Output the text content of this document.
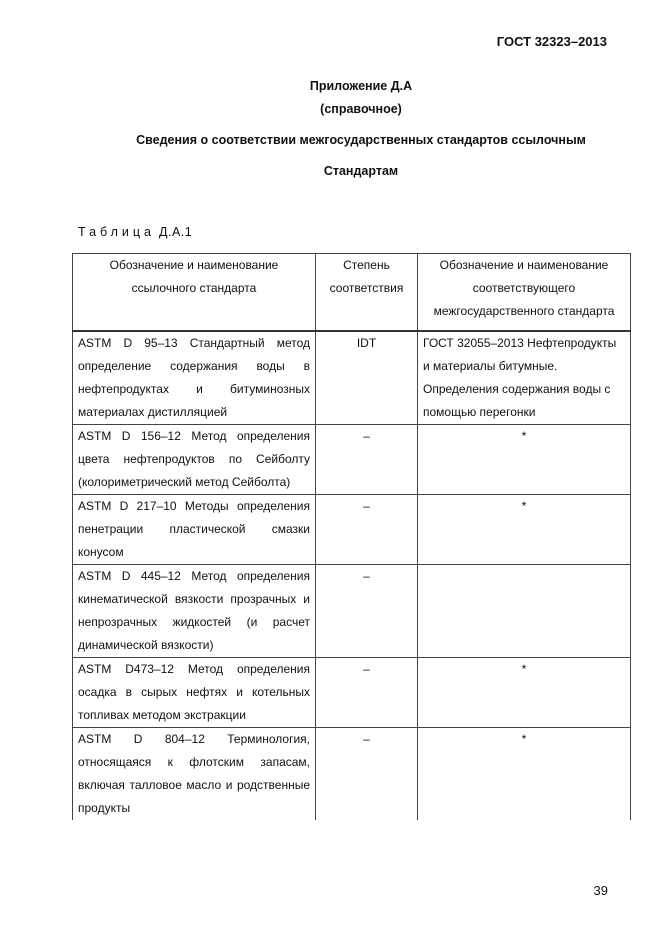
ГОСТ 32323–2013
Приложение Д.А
(справочное)
Сведения о соответствии межгосударственных стандартов ссылочным
Стандартам
Таблица Д.А.1
Обозначение и наименование ссылочного стандарта	Степень соответствия	Обозначение и наименование соответствующего межгосударственного стандарта
ASTM D 95–13 Стандартный метод определение содержания воды в нефтепродуктах и битуминозных материалах дистилляцией	IDT	ГОСТ 32055–2013 Нефтепродукты и материалы битумные. Определения содержания воды с помощью перегонки
ASTM D 156–12 Метод определения цвета нефтепродуктов по Сейболту (колориметрический метод Сейболта)	–	*
ASTM D 217–10 Методы определения пенетрации пластической смазки конусом	–	*
ASTM D 445–12 Метод определения кинематической вязкости прозрачных и непрозрачных жидкостей (и расчет динамической вязкости)	–	
ASTM D473–12 Метод определения осадка в сырых нефтях и котельных топливах методом экстракции	–	*
ASTM D 804–12 Терминология, относящаяся к флотским запасам, включая талловое масло и родственные продукты	–	*
39
